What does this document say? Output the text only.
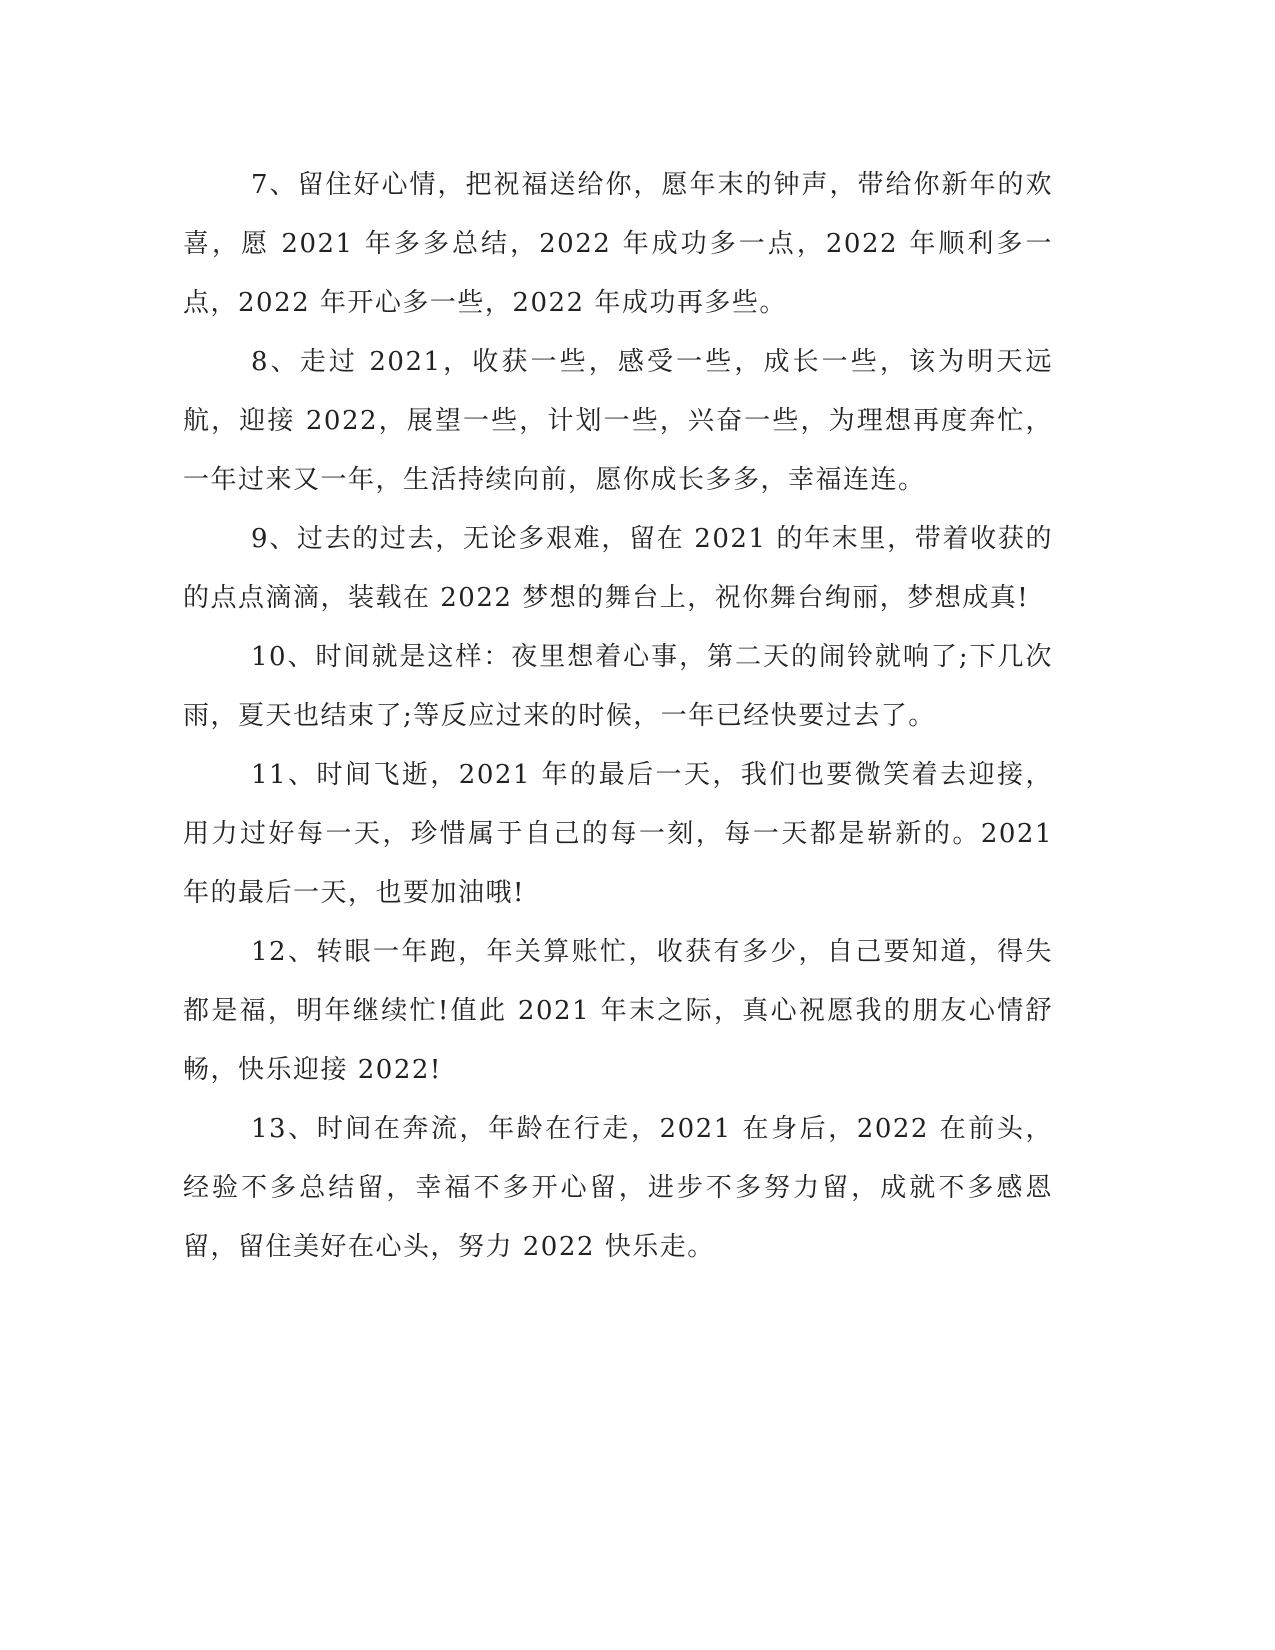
7、留住好心情，把祝福送给你，愿年末的钟声，带给你新年的欢喜，愿 2021 年多多总结，2022 年成功多一点，2022 年顺利多一点，2022 年开心多一些，2022 年成功再多些。

8、走过 2021，收获一些，感受一些，成长一些，该为明天远航，迎接 2022，展望一些，计划一些，兴奋一些，为理想再度奔忙，一年过来又一年，生活持续向前，愿你成长多多，幸福连连。

9、过去的过去，无论多艰难，留在 2021 的年末里，带着收获的的点点滴滴，装载在 2022 梦想的舞台上，祝你舞台绚丽，梦想成真!

10、时间就是这样：夜里想着心事，第二天的闹铃就响了;下几次雨，夏天也结束了;等反应过来的时候，一年已经快要过去了。

11、时间飞逝，2021 年的最后一天，我们也要微笑着去迎接，用力过好每一天，珍惜属于自己的每一刻，每一天都是崭新的。2021 年的最后一天，也要加油哦!

12、转眼一年跑，年关算账忙，收获有多少，自己要知道，得失都是福，明年继续忙!值此 2021 年末之际，真心祝愿我的朋友心情舒畅，快乐迎接 2022!

13、时间在奔流，年龄在行走，2021 在身后，2022 在前头，经验不多总结留，幸福不多开心留，进步不多努力留，成就不多感恩留，留住美好在心头，努力 2022 快乐走。
